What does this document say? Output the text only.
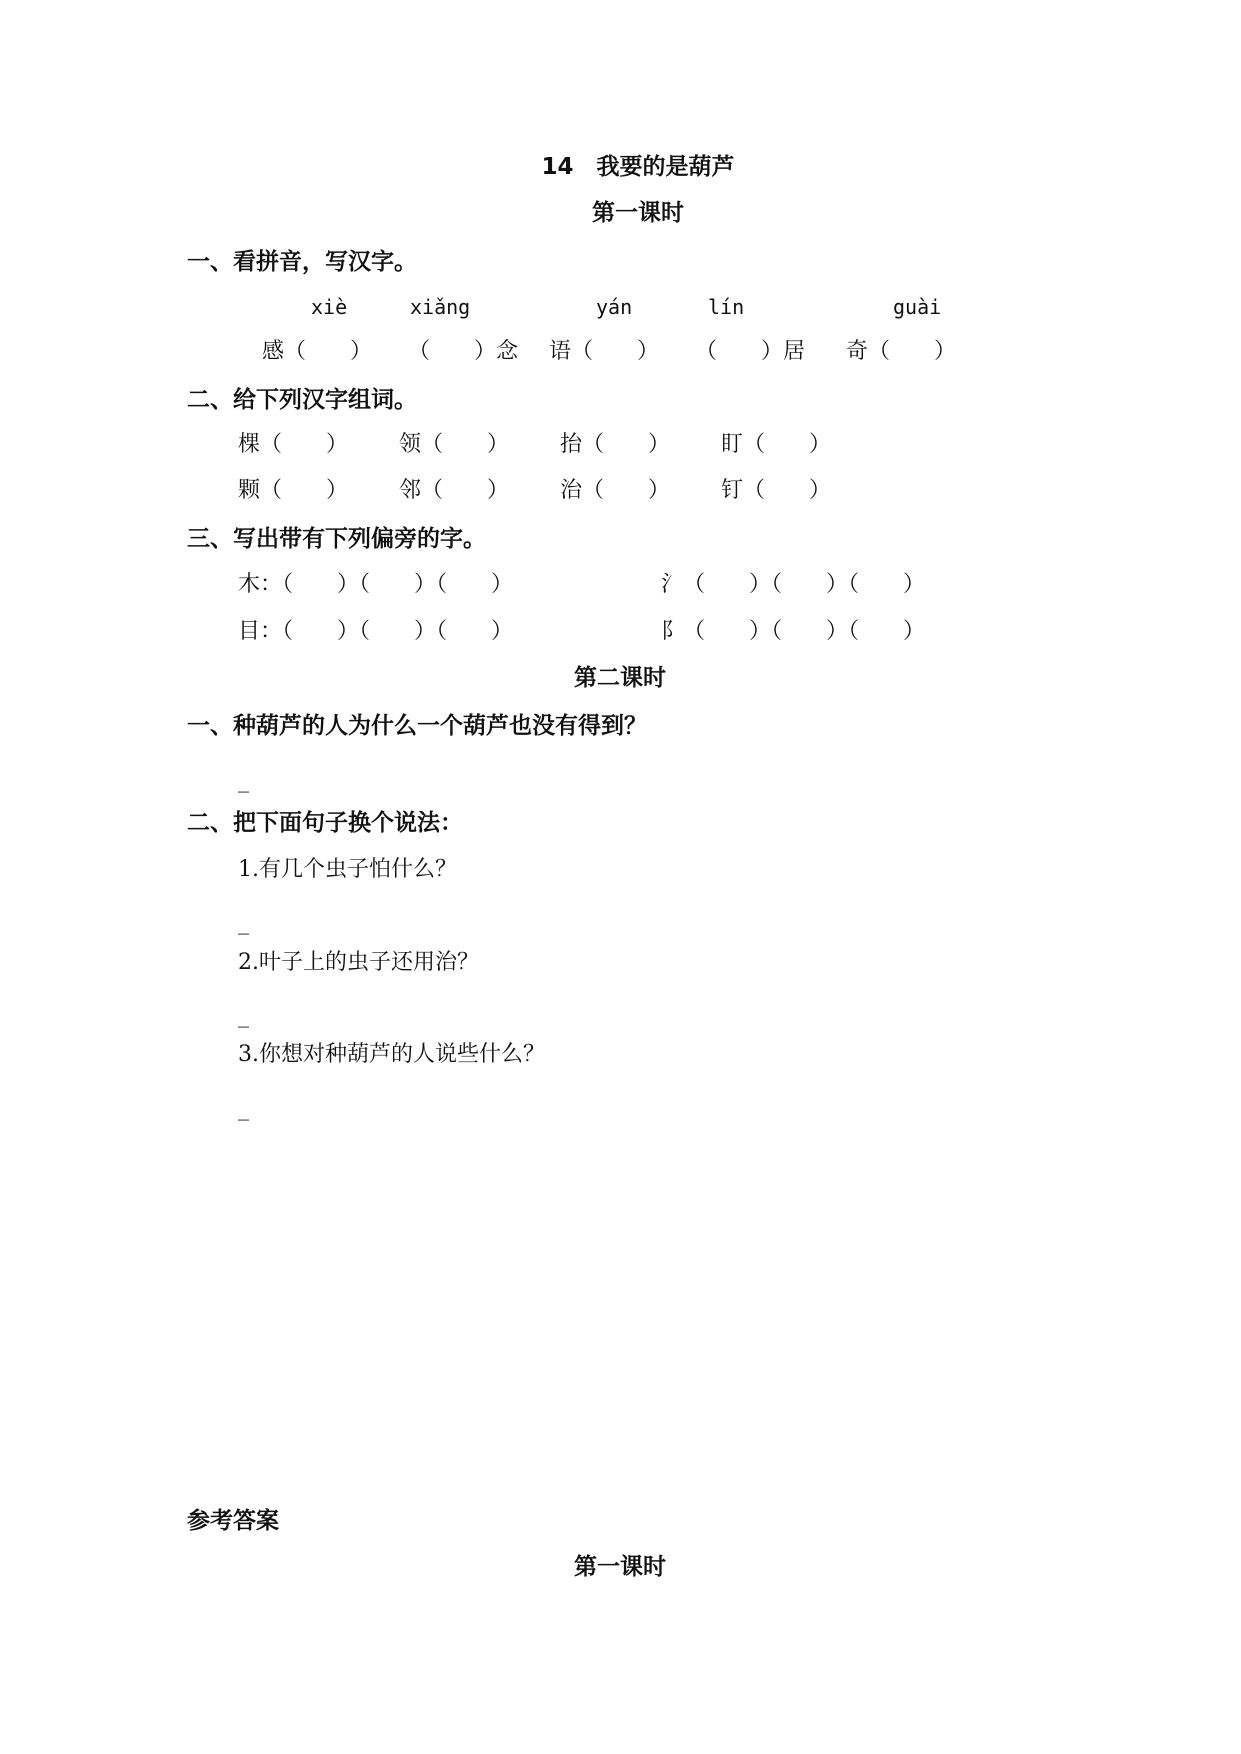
14　我要的是葫芦
第一课时
一、看拼音，写汉字。
xiè	xiǎng	yán	lín	guài
感（　　） （　　）念 语（　　） （　　）居 奇（　　）
二、给下列汉字组词。
棵（　　） 领（　　） 抬（　　） 盯（　　）
颗（　　） 邻（　　） 治（　　） 钉（　　）
三、写出带有下列偏旁的字。
木：（　　）（　　）（　　）	氵（　　）（　　）（　　）
目：（　　）（　　）（　　）	阝（　　）（　　）（　　）
第二课时
一、种葫芦的人为什么一个葫芦也没有得到？
_
二、把下面句子换个说法：
1.有几个虫子怕什么？
_
2.叶子上的虫子还用治？
_
3.你想对种葫芦的人说些什么？
_
参考答案
第一课时
